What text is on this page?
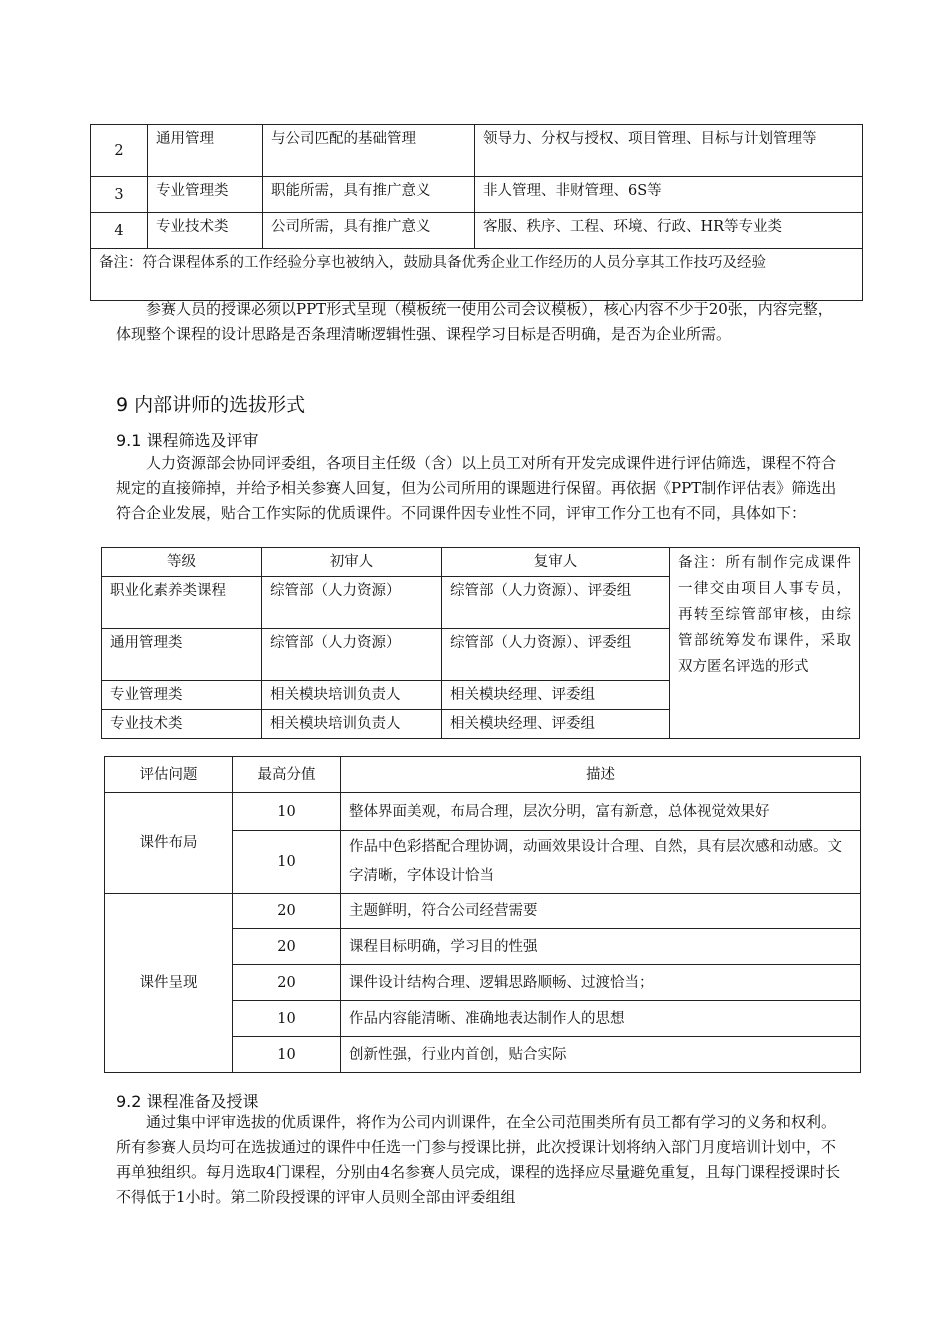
2	通用管理	与公司匹配的基础管理	领导力、分权与授权、项目管理、目标与计划管理等
3	专业管理类	职能所需，具有推广意义	非人管理、非财管理、6S等
4	专业技术类	公司所需，具有推广意义	客服、秩序、工程、环境、行政、HR等专业类
备注：符合课程体系的工作经验分享也被纳入，鼓励具备优秀企业工作经历的人员分享其工作技巧及经验			
参赛人员的授课必须以PPT形式呈现（模板统一使用公司会议模板），核心内容不少于20张，内容完整，体现整个课程的设计思路是否条理清晰逻辑性强、课程学习目标是否明确，是否为企业所需。
9 内部讲师的选拔形式
9.1 课程筛选及评审
人力资源部会协同评委组，各项目主任级（含）以上员工对所有开发完成课件进行评估筛选，课程不符合规定的直接筛掉，并给予相关参赛人回复，但为公司所用的课题进行保留。再依据《PPT制作评估表》筛选出符合企业发展，贴合工作实际的优质课件。不同课件因专业性不同，评审工作分工也有不同，具体如下：
等级	初审人	复审人	备注：所有制作完成课件一律交由项目人事专员，再转至综管部审核，由综管部统筹发布课件，采取双方匿名评选的形式
职业化素养类课程	综管部（人力资源）	综管部（人力资源）、评委组	
通用管理类	综管部（人力资源）	综管部（人力资源）、评委组	
专业管理类	相关模块培训负责人	相关模块经理、评委组	
专业技术类	相关模块培训负责人	相关模块经理、评委组	
评估问题	最高分值	描述
课件布局	10	整体界面美观，布局合理，层次分明，富有新意，总体视觉效果好
	10	作品中色彩搭配合理协调，动画效果设计合理、自然，具有层次感和动感。文字清晰，字体设计恰当
课件呈现	20	主题鲜明，符合公司经营需要
	20	课程目标明确，学习目的性强
	20	课件设计结构合理、逻辑思路顺畅、过渡恰当；
	10	作品内容能清晰、准确地表达制作人的思想
	10	创新性强，行业内首创，贴合实际
9.2 课程准备及授课
通过集中评审选拔的优质课件，将作为公司内训课件，在全公司范围类所有员工都有学习的义务和权利。所有参赛人员均可在选拔通过的课件中任选一门参与授课比拼，此次授课计划将纳入部门月度培训计划中，不再单独组织。每月选取4门课程，分别由4名参赛人员完成，课程的选择应尽量避免重复，且每门课程授课时长不得低于1小时。第二阶段授课的评审人员则全部由评委组组
